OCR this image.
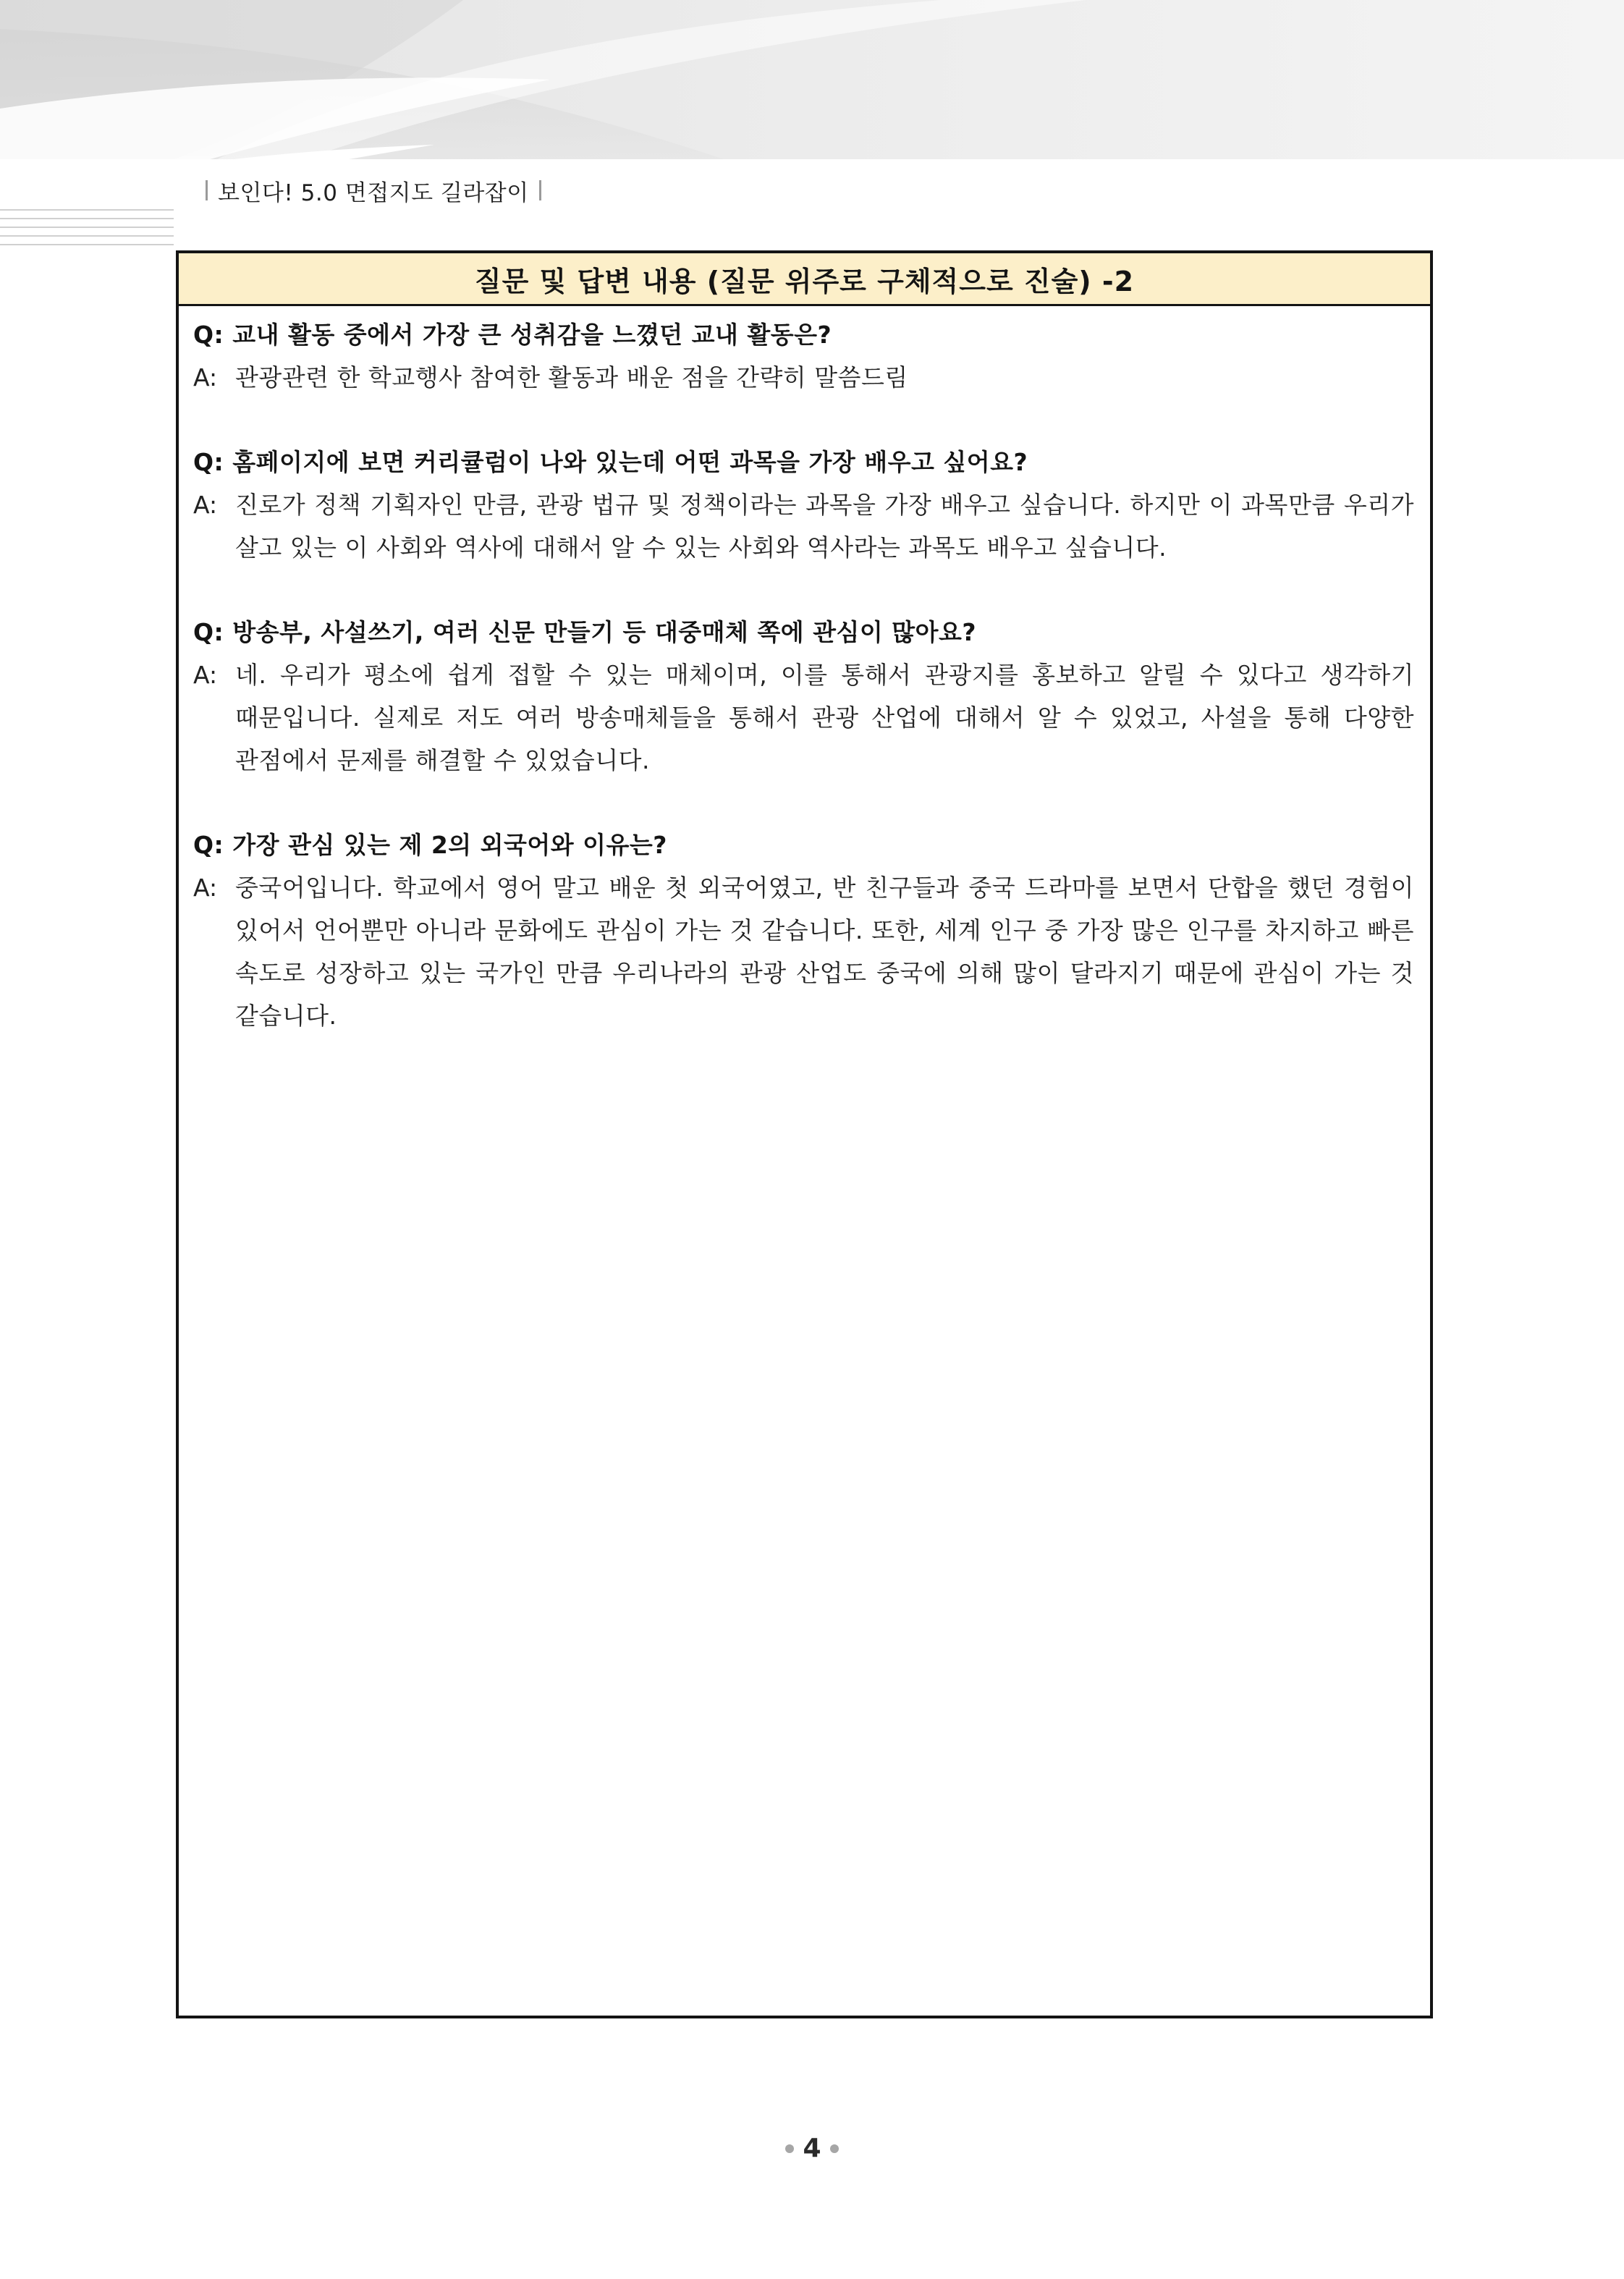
보인다! 5.0 면접지도 길라잡이
질문 및 답변 내용 (질문 위주로 구체적으로 진술) -2
Q: 교내 활동 중에서 가장 큰 성취감을 느꼈던 교내 활동은?
A: 관광관련 한 학교행사 참여한 활동과 배운 점을 간략히 말씀드림
Q: 홈페이지에 보면 커리큘럼이 나와 있는데 어떤 과목을 가장 배우고 싶어요?
A: 진로가 정책 기획자인 만큼, 관광 법규 및 정책이라는 과목을 가장 배우고 싶습니다. 하지만 이 과목만큼 우리가 살고 있는 이 사회와 역사에 대해서 알 수 있는 사회와 역사라는 과목도 배우고 싶습니다.
Q: 방송부, 사설쓰기, 여러 신문 만들기 등 대중매체 쪽에 관심이 많아요?
A: 네. 우리가 평소에 쉽게 접할 수 있는 매체이며, 이를 통해서 관광지를 홍보하고 알릴 수 있다고 생각하기 때문입니다. 실제로 저도 여러 방송매체들을 통해서 관광 산업에 대해서 알 수 있었고, 사설을 통해 다양한 관점에서 문제를 해결할 수 있었습니다.
Q: 가장 관심 있는 제 2의 외국어와 이유는?
A: 중국어입니다. 학교에서 영어 말고 배운 첫 외국어였고, 반 친구들과 중국 드라마를 보면서 단합을 했던 경험이 있어서 언어뿐만 아니라 문화에도 관심이 가는 것 같습니다. 또한, 세계 인구 중 가장 많은 인구를 차지하고 빠른 속도로 성장하고 있는 국가인 만큼 우리나라의 관광 산업도 중국에 의해 많이 달라지기 때문에 관심이 가는 것 같습니다.
4
